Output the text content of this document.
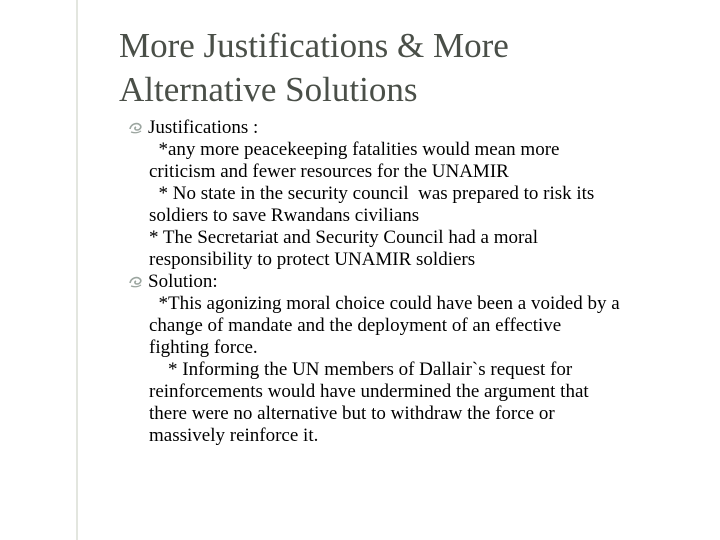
More Justifications & More
Alternative Solutions
Justifications :
*any more peacekeeping fatalities would mean more
criticism and fewer resources for the UNAMIR
* No state in the security council  was prepared to risk its
soldiers to save Rwandans civilians
* The Secretariat and Security Council had a moral
responsibility to protect UNAMIR soldiers
Solution:
*This agonizing moral choice could have been a voided by a
change of mandate and the deployment of an effective
fighting force.
* Informing the UN members of Dallair`s request for
reinforcements would have undermined the argument that
there were no alternative but to withdraw the force or
massively reinforce it.
